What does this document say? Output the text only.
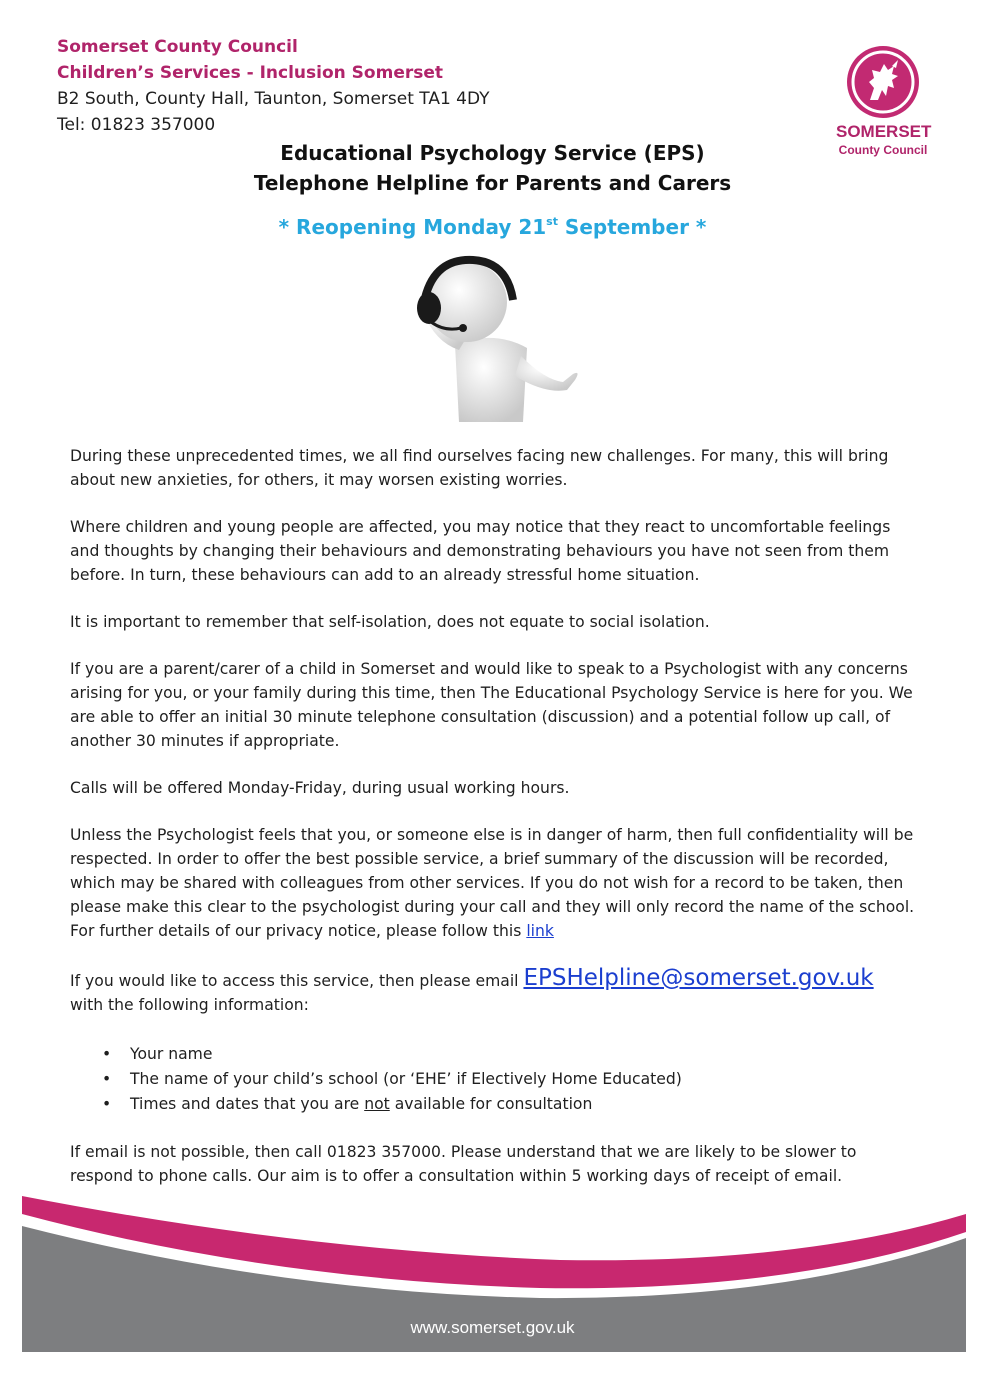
Somerset County Council
Children’s Services - Inclusion Somerset
B2 South, County Hall, Taunton, Somerset TA1 4DY
Tel: 01823 357000	SOMERSET
County Council
Educational Psychology Service (EPS)
Telephone Helpline for Parents and Carers
* Reopening Monday 21st September *

During these unprecedented times, we all find ourselves facing new challenges. For many, this will bring about new anxieties, for others, it may worsen existing worries.

Where children and young people are affected, you may notice that they react to uncomfortable feelings and thoughts by changing their behaviours and demonstrating behaviours you have not seen from them before. In turn, these behaviours can add to an already stressful home situation.

It is important to remember that self-isolation, does not equate to social isolation.

If you are a parent/carer of a child in Somerset and would like to speak to a Psychologist with any concerns arising for you, or your family during this time, then The Educational Psychology Service is here for you. We are able to offer an initial 30 minute telephone consultation (discussion) and a potential follow up call, of another 30 minutes if appropriate.

Calls will be offered Monday-Friday, during usual working hours.

Unless the Psychologist feels that you, or someone else is in danger of harm, then full confidentiality will be respected. In order to offer the best possible service, a brief summary of the discussion will be recorded, which may be shared with colleagues from other services. If you do not wish for a record to be taken, then please make this clear to the psychologist during your call and they will only record the name of the school. For further details of our privacy notice, please follow this link

If you would like to access this service, then please email EPSHelpline@somerset.gov.uk
with the following information:

• Your name
• The name of your child’s school (or ‘EHE’ if Electively Home Educated)
• Times and dates that you are not available for consultation

If email is not possible, then call 01823 357000. Please understand that we are likely to be slower to respond to phone calls. Our aim is to offer a consultation within 5 working days of receipt of email.

www.somerset.gov.uk
